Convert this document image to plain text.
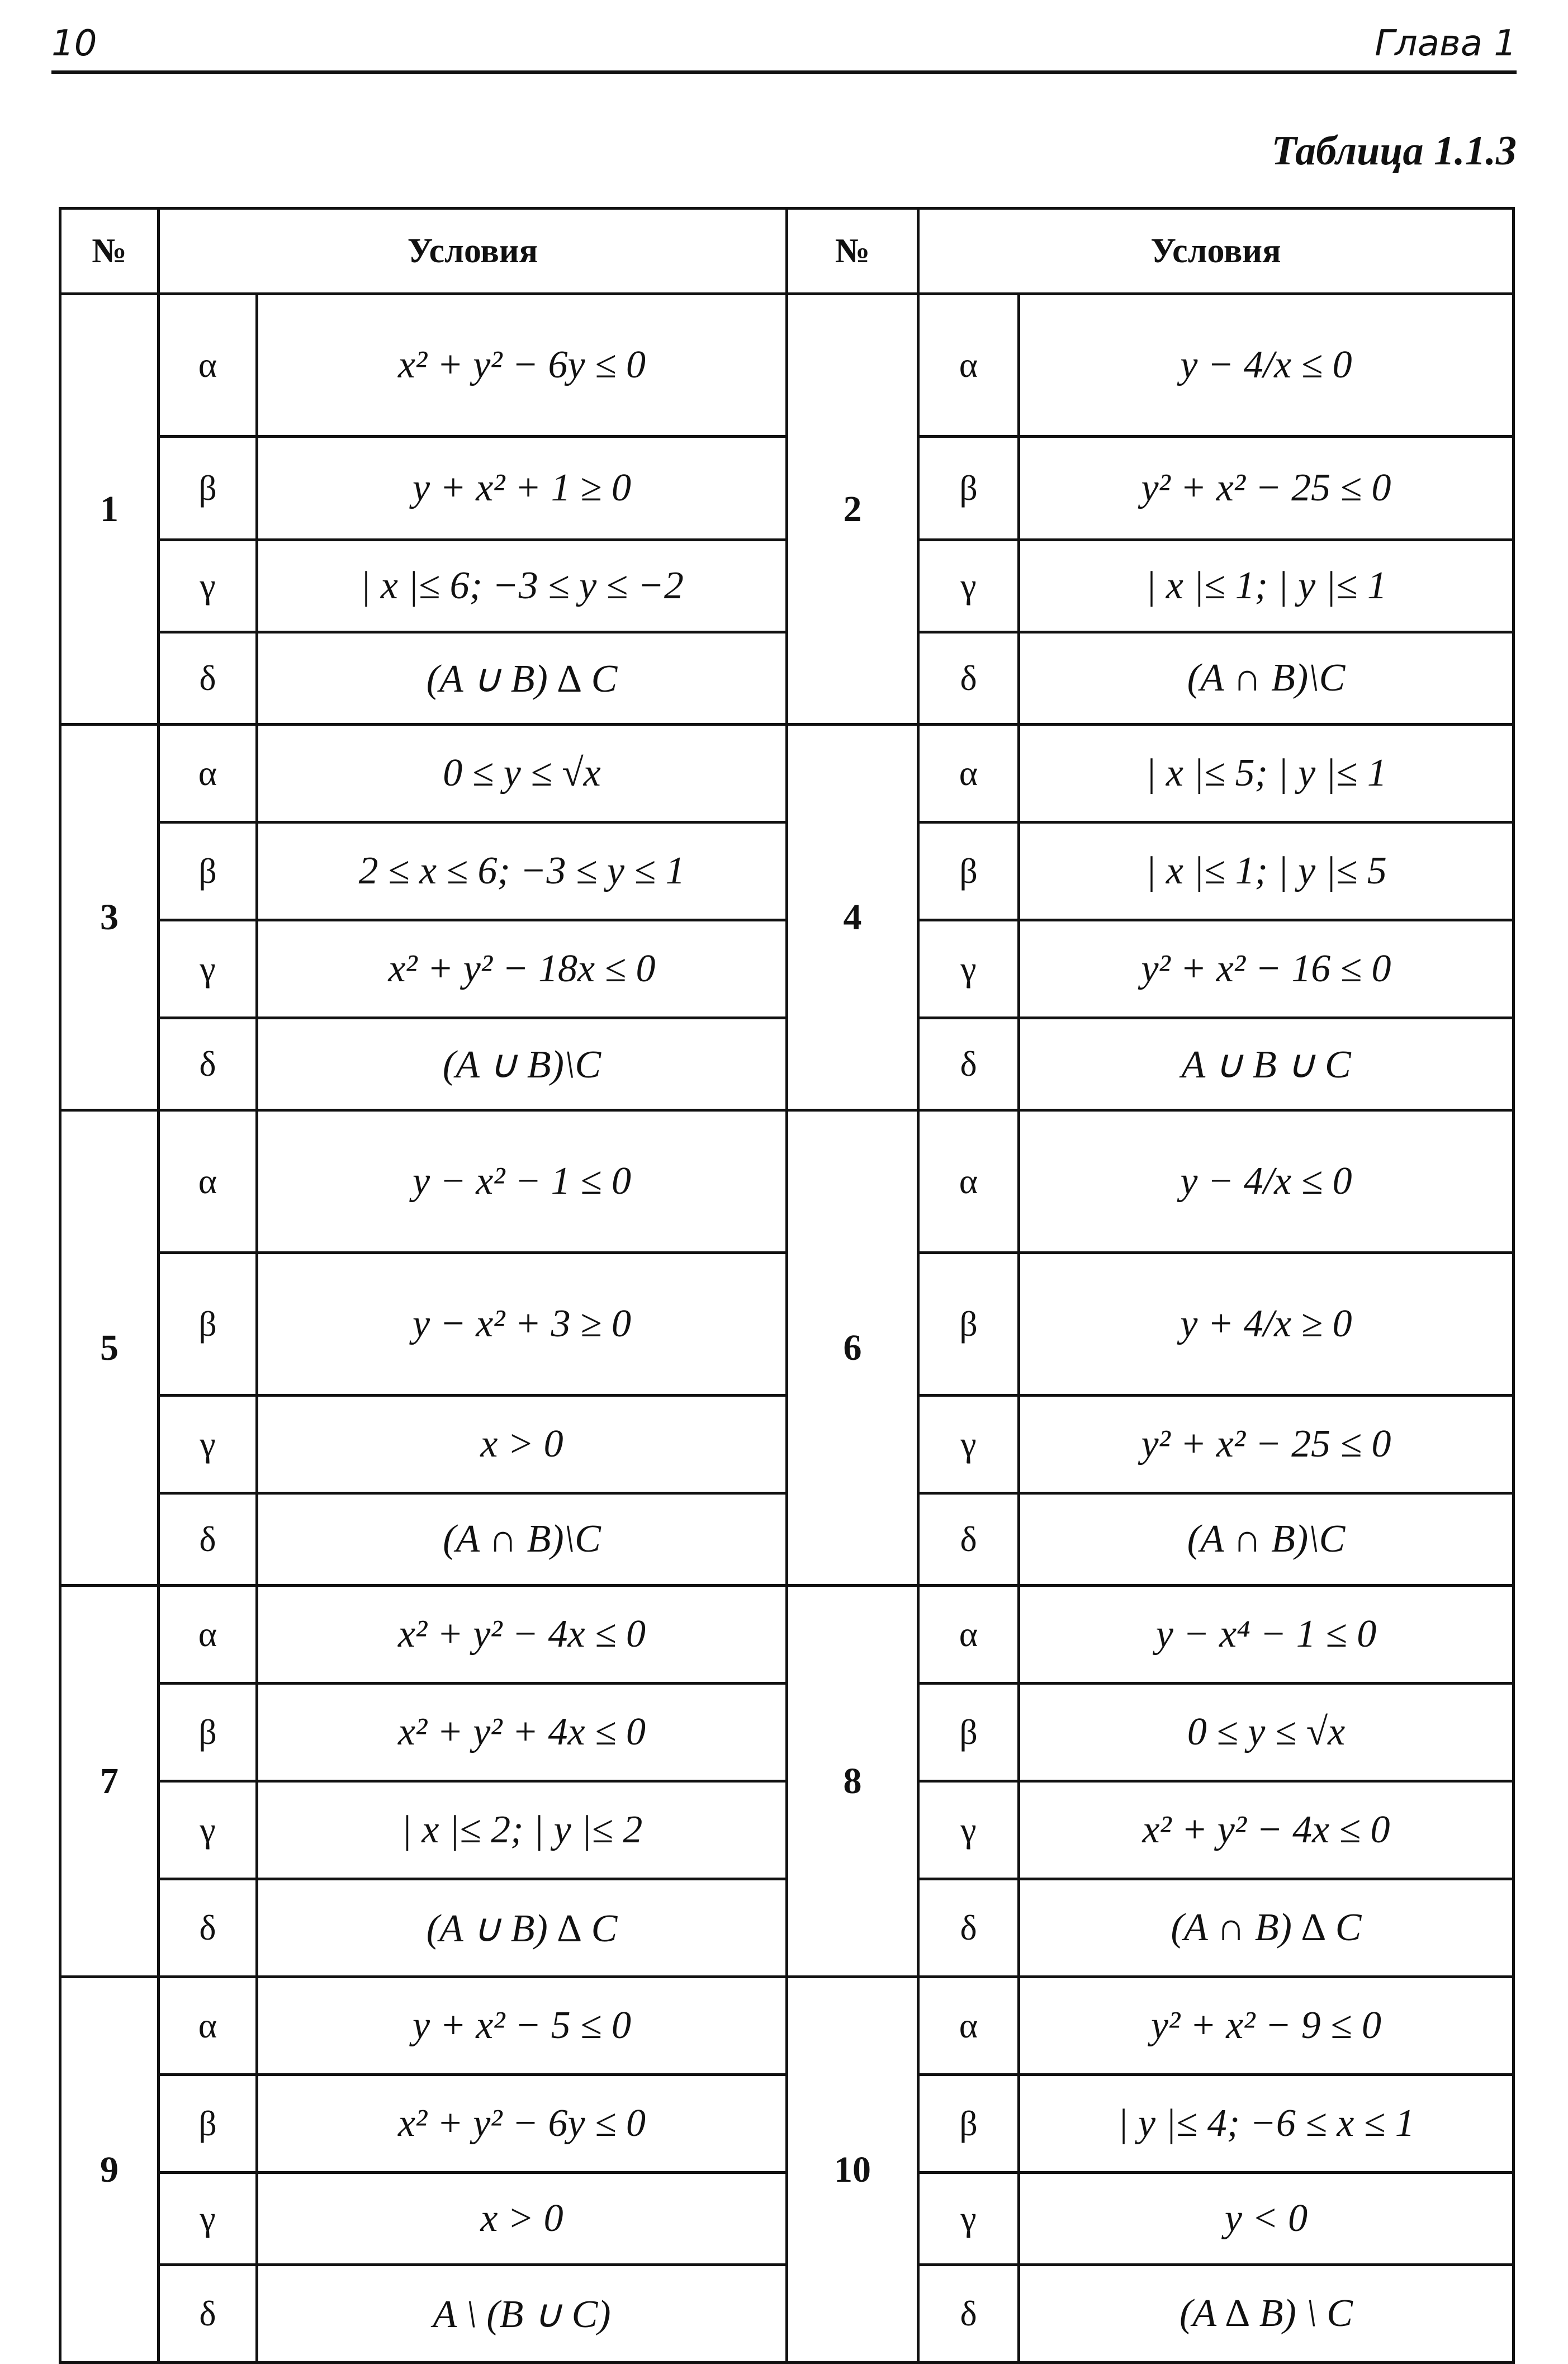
10	Глава 1
Таблица 1.1.3
№	Условия		№	Условия	
1	α	x² + y² − 6y ≤ 0	2	α	y − 4/x ≤ 0
	β	y + x² + 1 ≥ 0		β	y² + x² − 25 ≤ 0
	γ	| x |≤ 6; −3 ≤ y ≤ −2		γ	| x |≤ 1; | y |≤ 1
	δ	(A ∪ B) ∆ C		δ	(A ∩ B)\C
3	α	0 ≤ y ≤ √x	4	α	| x |≤ 5; | y |≤ 1
	β	2 ≤ x ≤ 6; −3 ≤ y ≤ 1		β	| x |≤ 1; | y |≤ 5
	γ	x² + y² − 18x ≤ 0		γ	y² + x² − 16 ≤ 0
	δ	(A ∪ B)\C		δ	A ∪ B ∪ C
5	α	y − x² − 1 ≤ 0	6	α	y − 4/x ≤ 0
	β	y − x² + 3 ≥ 0		β	y + 4/x ≥ 0
	γ	x > 0		γ	y² + x² − 25 ≤ 0
	δ	(A ∩ B)\C		δ	(A ∩ B)\C
7	α	x² + y² − 4x ≤ 0	8	α	y − x⁴ − 1 ≤ 0
	β	x² + y² + 4x ≤ 0		β	0 ≤ y ≤ √x
	γ	| x |≤ 2; | y |≤ 2		γ	x² + y² − 4x ≤ 0
	δ	(A ∪ B) ∆ C		δ	(A ∩ B) ∆ C
9	α	y + x² − 5 ≤ 0	10	α	y² + x² − 9 ≤ 0
	β	x² + y² − 6y ≤ 0		β	| y |≤ 4; −6 ≤ x ≤ 1
	γ	x > 0		γ	y < 0
	δ	A \ (B ∪ C)		δ	(A ∆ B) \ C
